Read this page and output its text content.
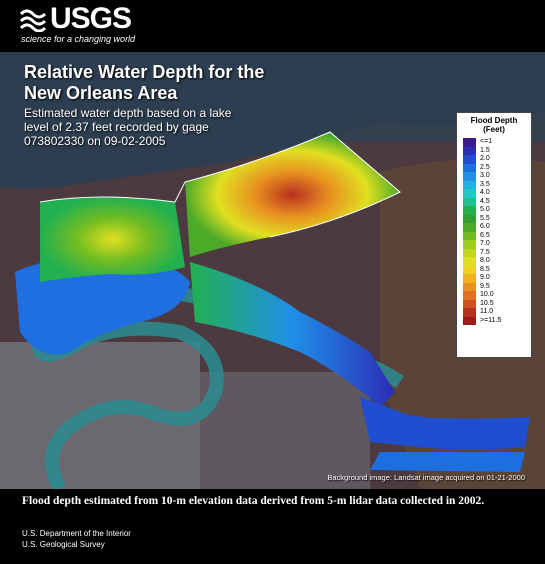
USGS
science for a changing world
Relative Water Depth for the
New Orleans Area
Estimated water depth based on a lake
level of 2.37 feet recorded by gage
073802330 on 09-02-2005
Flood Depth
(Feet)
<=1
1.5
2.0
2.5
3.0
3.5
4.0
4.5
5.0
5.5
6.0
6.5
7.0
7.5
8.0
8.5
9.0
9.5
10.0
10.5
11.0
>=11.5
Background image: Landsat image acquired on 01-21-2000
Flood depth estimated from 10-m elevation data derived from 5-m lidar data collected in 2002.
U.S. Department of the Interior
U.S. Geological Survey
